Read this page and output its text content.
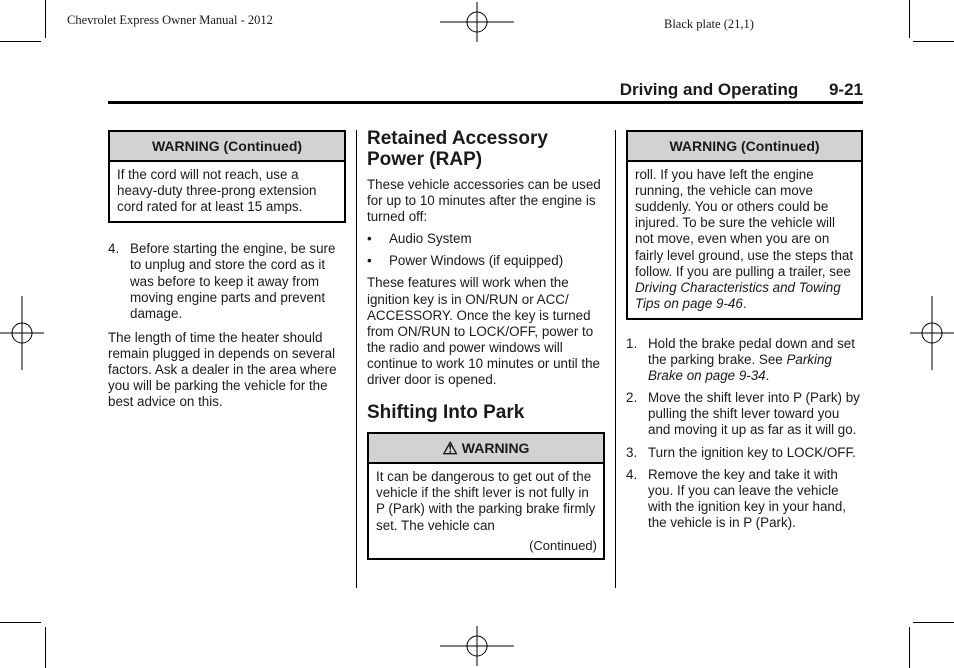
Chevrolet Express Owner Manual - 2012	Black plate (21,1)
Driving and Operating 9-21
WARNING (Continued)
If the cord will not reach, use a heavy-duty three-prong extension cord rated for at least 15 amps.
4. Before starting the engine, be sure to unplug and store the cord as it was before to keep it away from moving engine parts and prevent damage.

The length of time the heater should remain plugged in depends on several factors. Ask a dealer in the area where you will be parking the vehicle for the best advice on this.

Retained Accessory Power (RAP)

These vehicle accessories can be used for up to 10 minutes after the engine is turned off:

•	Audio System
•	Power Windows (if equipped)

These features will work when the ignition key is in ON/RUN or ACC/ ACCESSORY. Once the key is turned from ON/RUN to LOCK/OFF, power to the radio and power windows will continue to work 10 minutes or until the driver door is opened.

Shifting Into Park
⚠ WARNING
It can be dangerous to get out of the vehicle if the shift lever is not fully in P (Park) with the parking brake firmly set. The vehicle can
(Continued)
WARNING (Continued)
roll. If you have left the engine running, the vehicle can move suddenly. You or others could be injured. To be sure the vehicle will not move, even when you are on fairly level ground, use the steps that follow. If you are pulling a trailer, see Driving Characteristics and Towing Tips on page 9-46.
1. Hold the brake pedal down and set the parking brake. See Parking Brake on page 9-34.
2. Move the shift lever into P (Park) by pulling the shift lever toward you and moving it up as far as it will go.
3. Turn the ignition key to LOCK/OFF.
4. Remove the key and take it with you. If you can leave the vehicle with the ignition key in your hand, the vehicle is in P (Park).
